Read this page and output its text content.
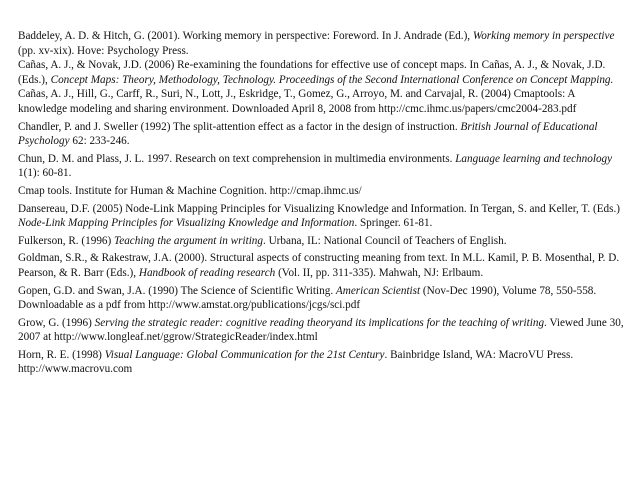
Baddeley, A. D. & Hitch, G. (2001). Working memory in perspective: Foreword. In J. Andrade (Ed.), Working memory in perspective (pp. xv-xix). Hove: Psychology Press.
Cañas, A. J., & Novak, J.D. (2006) Re-examining the foundations for effective use of concept maps. In Cañas, A. J., & Novak, J.D. (Eds.), Concept Maps: Theory, Methodology, Technology. Proceedings of the Second International Conference on Concept Mapping.
Cañas, A. J., Hill, G., Carff, R., Suri, N., Lott, J., Eskridge, T., Gomez, G., Arroyo, M. and Carvajal, R. (2004) Cmaptools: A knowledge modeling and sharing environment. Downloaded April 8, 2008 from http://cmc.ihmc.us/papers/cmc2004-283.pdf
Chandler, P. and J. Sweller (1992) The split-attention effect as a factor in the design of instruction. British Journal of Educational Psychology 62: 233-246.
Chun, D. M. and Plass, J. L. 1997. Research on text comprehension in multimedia environments. Language learning and technology 1(1): 60-81.
Cmap tools. Institute for Human & Machine Cognition. http://cmap.ihmc.us/
Dansereau, D.F. (2005) Node-Link Mapping Principles for Visualizing Knowledge and Information. In Tergan, S. and Keller, T. (Eds.) Node-Link Mapping Principles for Visualizing Knowledge and Information. Springer. 61-81.
Fulkerson, R. (1996) Teaching the argument in writing. Urbana, IL: National Council of Teachers of English.
Goldman, S.R., & Rakestraw, J.A. (2000). Structural aspects of constructing meaning from text. In M.L. Kamil, P. B. Mosenthal, P. D. Pearson, & R. Barr (Eds.), Handbook of reading research (Vol. II, pp. 311-335). Mahwah, NJ: Erlbaum.
Gopen, G.D. and Swan, J.A. (1990) The Science of Scientific Writing. American Scientist (Nov-Dec 1990), Volume 78, 550-558. Downloadable as a pdf from http://www.amstat.org/publications/jcgs/sci.pdf
Grow, G. (1996) Serving the strategic reader: cognitive reading theoryand its implications for the teaching of writing. Viewed June 30, 2007 at http://www.longleaf.net/ggrow/StrategicReader/index.html
Horn, R. E. (1998) Visual Language: Global Communication for the 21st Century. Bainbridge Island, WA: MacroVU Press. http://www.macrovu.com
